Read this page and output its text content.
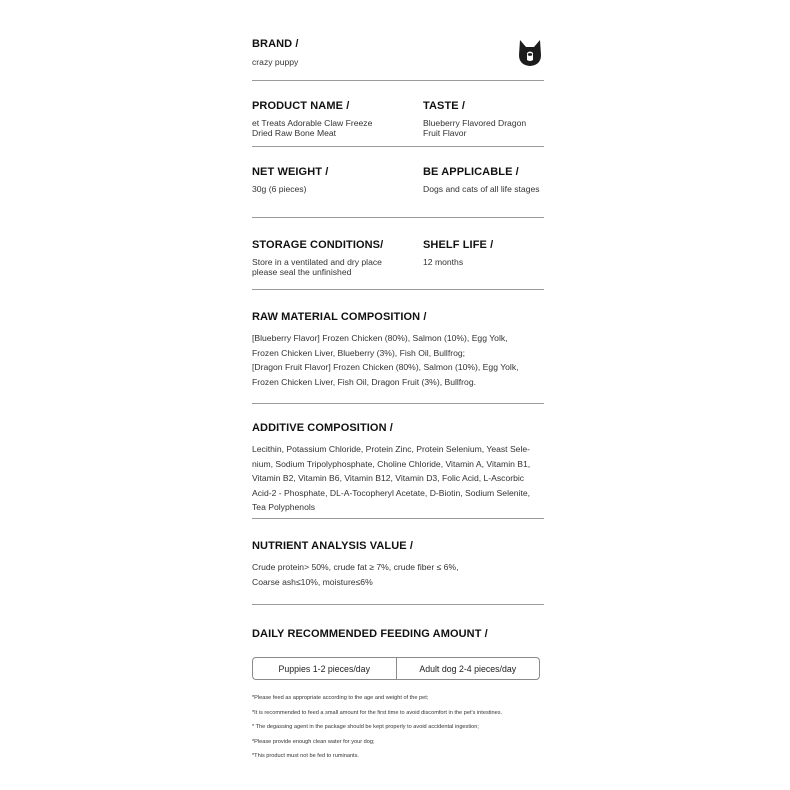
BRAND /
crazy puppy
PRODUCT NAME /
et Treats Adorable Claw Freeze
Dried Raw Bone Meat
TASTE /
Blueberry Flavored Dragon
Fruit Flavor
NET WEIGHT /
30g (6 pieces)
BE APPLICABLE /
Dogs and cats of all life stages
STORAGE CONDITIONS/
Store in a ventilated and dry place
please seal the unfinished
SHELF LIFE /
12 months
RAW MATERIAL COMPOSITION /
[Blueberry Flavor] Frozen Chicken (80%), Salmon (10%), Egg Yolk,
Frozen Chicken Liver, Blueberry (3%), Fish Oil, Bullfrog;
[Dragon Fruit Flavor] Frozen Chicken (80%), Salmon (10%), Egg Yolk,
Frozen Chicken Liver, Fish Oil, Dragon Fruit (3%), Bullfrog.
ADDITIVE COMPOSITION /
Lecithin, Potassium Chloride, Protein Zinc, Protein Selenium, Yeast Sele-
nium, Sodium Tripolyphosphate, Choline Chloride, Vitamin A, Vitamin B1,
Vitamin B2, Vitamin B6, Vitamin B12, Vitamin D3, Folic Acid, L-Ascorbic
Acid-2 - Phosphate, DL-A-Tocopheryl Acetate, D-Biotin, Sodium Selenite,
Tea Polyphenols
NUTRIENT ANALYSIS VALUE /
Crude protein> 50%, crude fat ≥ 7%, crude fiber ≤ 6%,
Coarse ash≤10%, moisture≤6%
DAILY RECOMMENDED FEEDING AMOUNT /
Puppies 1-2 pieces/day	Adult dog 2-4 pieces/day
*Please feed as appropriate according to the age and weight of the pet;
*It is recommended to feed a small amount for the first time to avoid discomfort in the pet's intestines.
* The degassing agent in the package should be kept properly to avoid accidental ingestion;
*Please provide enough clean water for your dog;
*This product must not be fed to ruminants.
